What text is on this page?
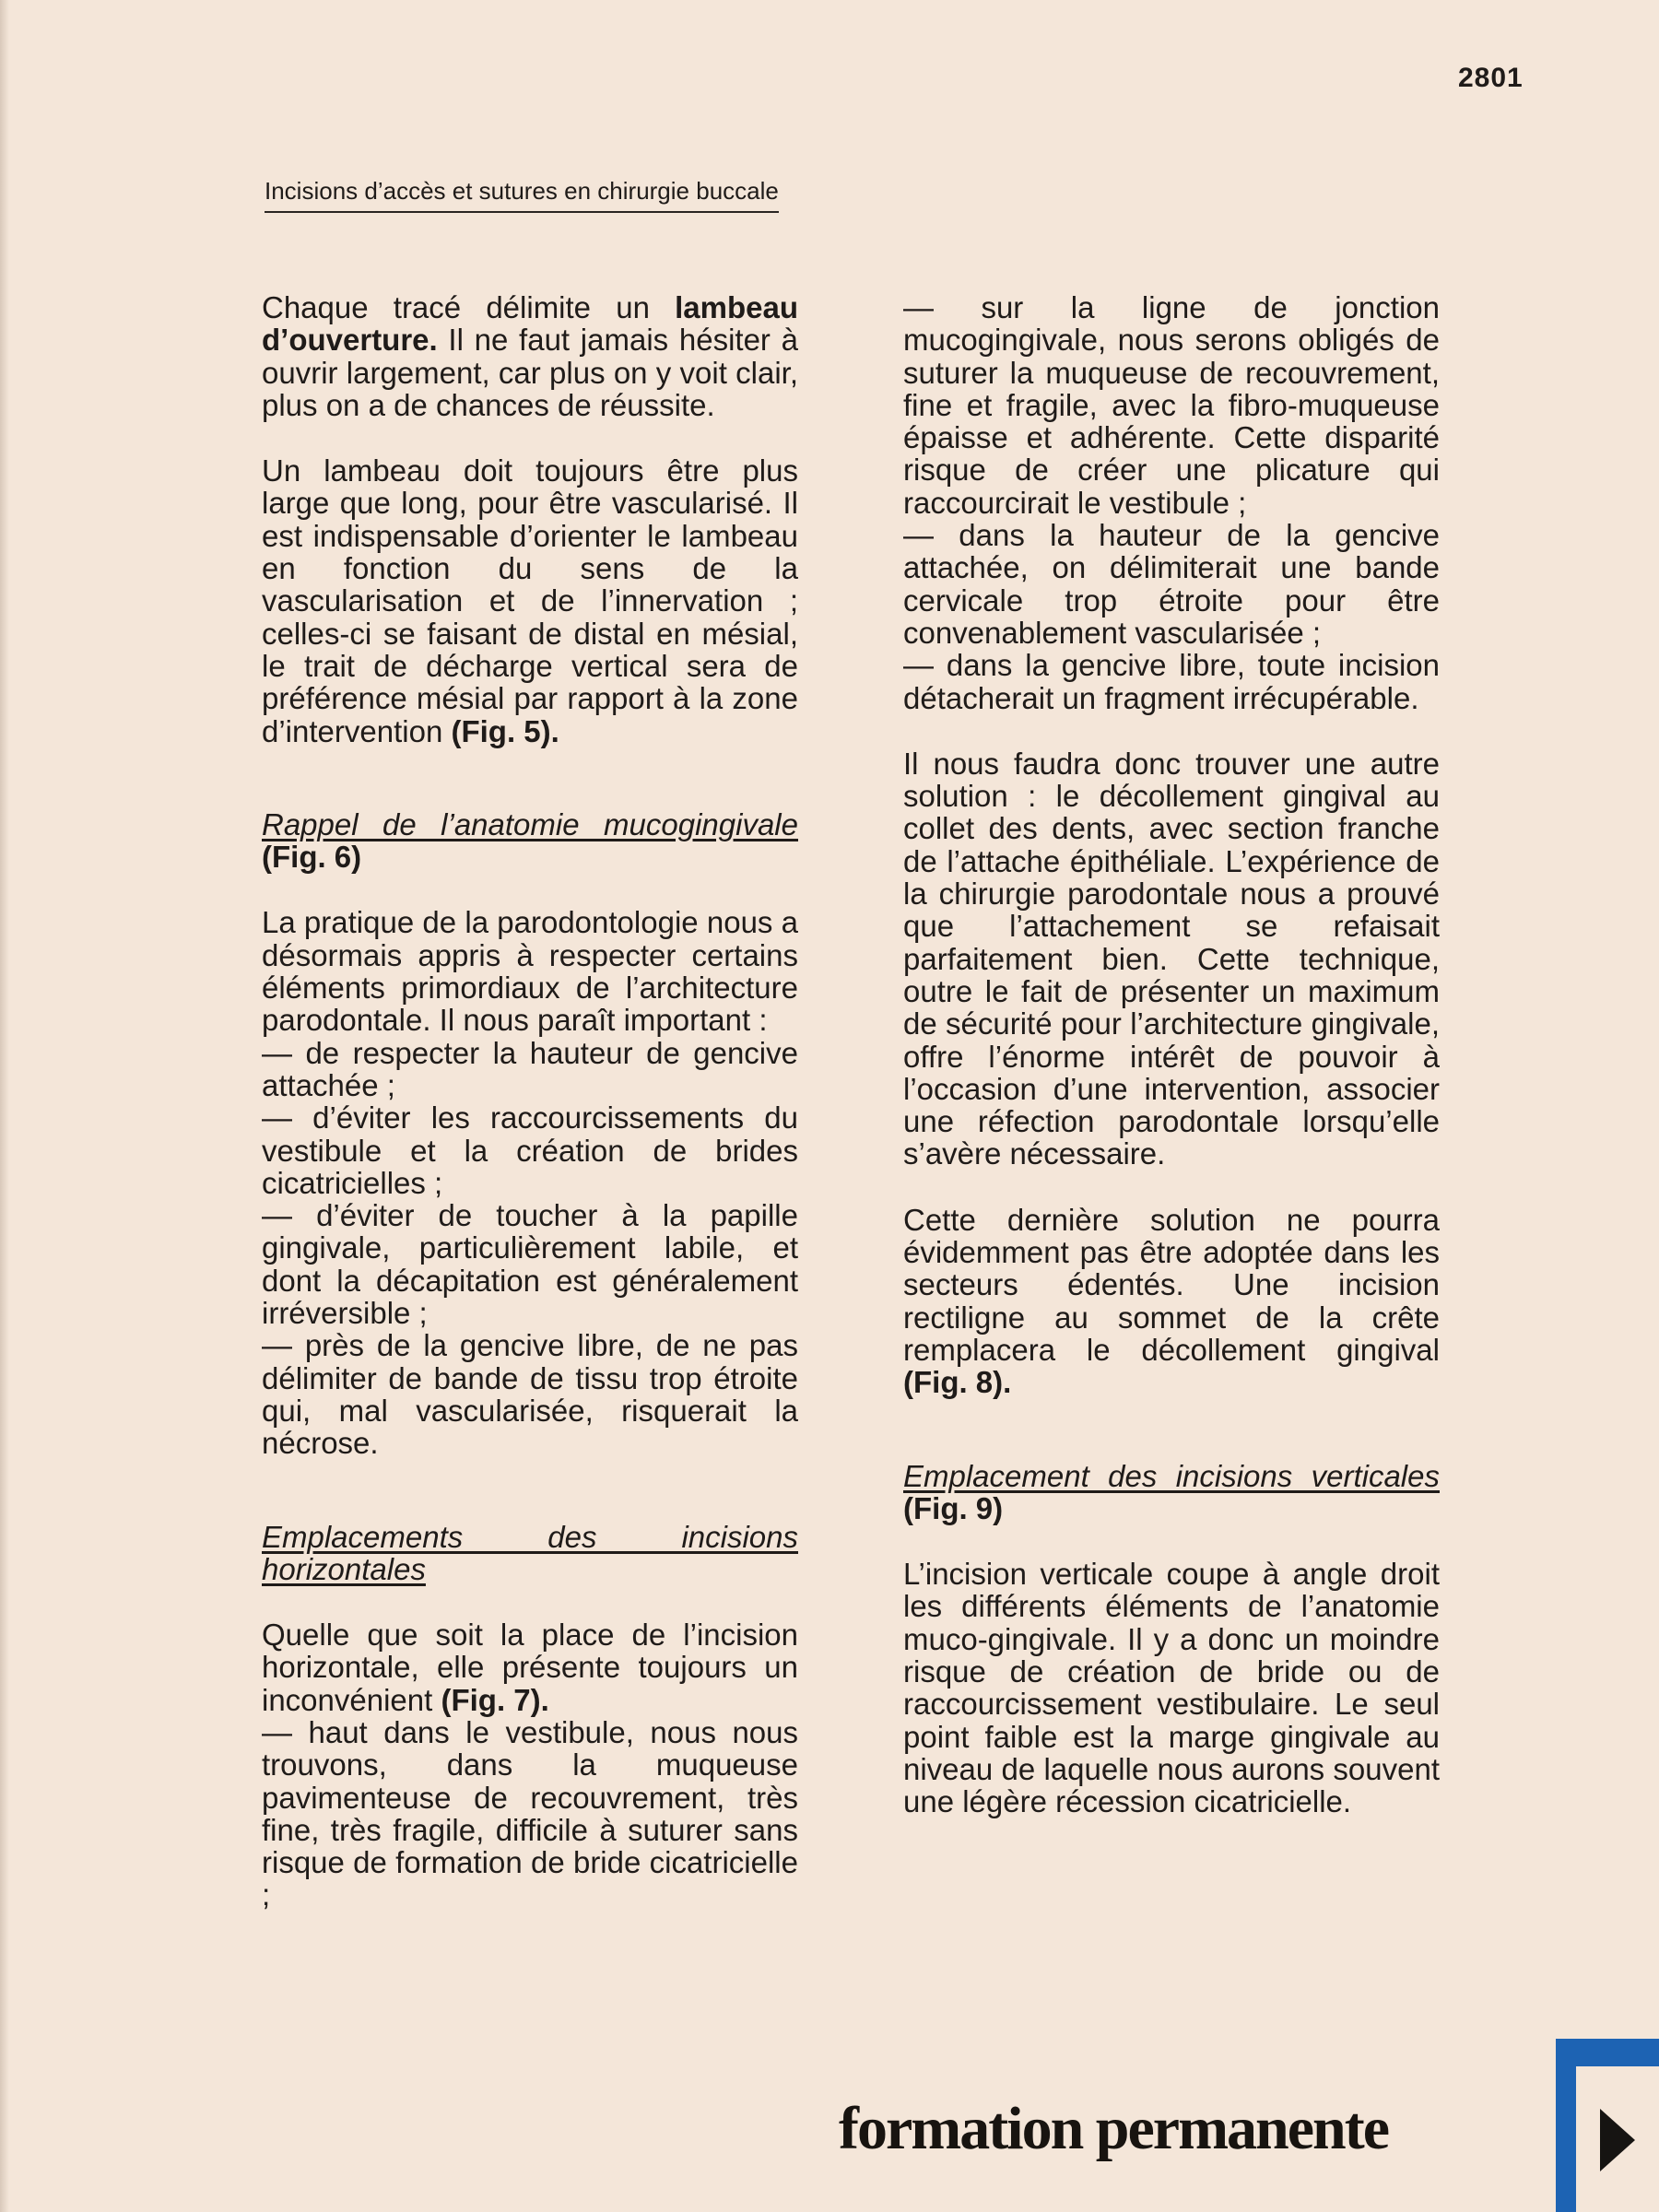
2801
Incisions d’accès et sutures en chirurgie buccale

Chaque tracé délimite un lambeau d’ouverture. Il ne faut jamais hésiter à ouvrir largement, car plus on y voit clair, plus on a de chances de réussite.

Un lambeau doit toujours être plus large que long, pour être vascularisé. Il est indispensable d’orienter le lambeau en fonction du sens de la vascularisation et de l’innervation ; celles-ci se faisant de distal en mésial, le trait de décharge vertical sera de préférence mésial par rapport à la zone d’intervention (Fig. 5).

Rappel de l’anatomie mucogingivale (Fig. 6)

La pratique de la parodontologie nous a désormais appris à respecter certains éléments primordiaux de l’architecture parodontale. Il nous paraît important :

— de respecter la hauteur de gencive attachée ;

— d’éviter les raccourcissements du vestibule et la création de brides cicatricielles ;

— d’éviter de toucher à la papille gingivale, particulièrement labile, et dont la décapitation est généralement irréversible ;

— près de la gencive libre, de ne pas délimiter de bande de tissu trop étroite qui, mal vascularisée, risquerait la nécrose.

Emplacements des incisions horizontales

Quelle que soit la place de l’incision horizontale, elle présente toujours un inconvénient (Fig. 7).

— haut dans le vestibule, nous nous trouvons, dans la muqueuse pavimenteuse de recouvrement, très fine, très fragile, difficile à suturer sans risque de formation de bride cicatricielle ;

— sur la ligne de jonction mucogingivale, nous serons obligés de suturer la muqueuse de recouvrement, fine et fragile, avec la fibro-muqueuse épaisse et adhérente. Cette disparité risque de créer une plicature qui raccourcirait le vestibule ;

— dans la hauteur de la gencive attachée, on délimiterait une bande cervicale trop étroite pour être convenablement vascularisée ;

— dans la gencive libre, toute incision détacherait un fragment irrécupérable.

Il nous faudra donc trouver une autre solution : le décollement gingival au collet des dents, avec section franche de l’attache épithéliale. L’expérience de la chirurgie parodontale nous a prouvé que l’attachement se refaisait parfaitement bien. Cette technique, outre le fait de présenter un maximum de sécurité pour l’architecture gingivale, offre l’énorme intérêt de pouvoir à l’occasion d’une intervention, associer une réfection parodontale lorsqu’elle s’avère nécessaire.

Cette dernière solution ne pourra évidemment pas être adoptée dans les secteurs édentés. Une incision rectiligne au sommet de la crête remplacera le décollement gingival (Fig. 8).

Emplacement des incisions verticales (Fig. 9)

L’incision verticale coupe à angle droit les différents éléments de l’anatomie muco-gingivale. Il y a donc un moindre risque de création de bride ou de raccourcissement vestibulaire. Le seul point faible est la marge gingivale au niveau de laquelle nous aurons souvent une légère récession cicatricielle.

formation permanente
